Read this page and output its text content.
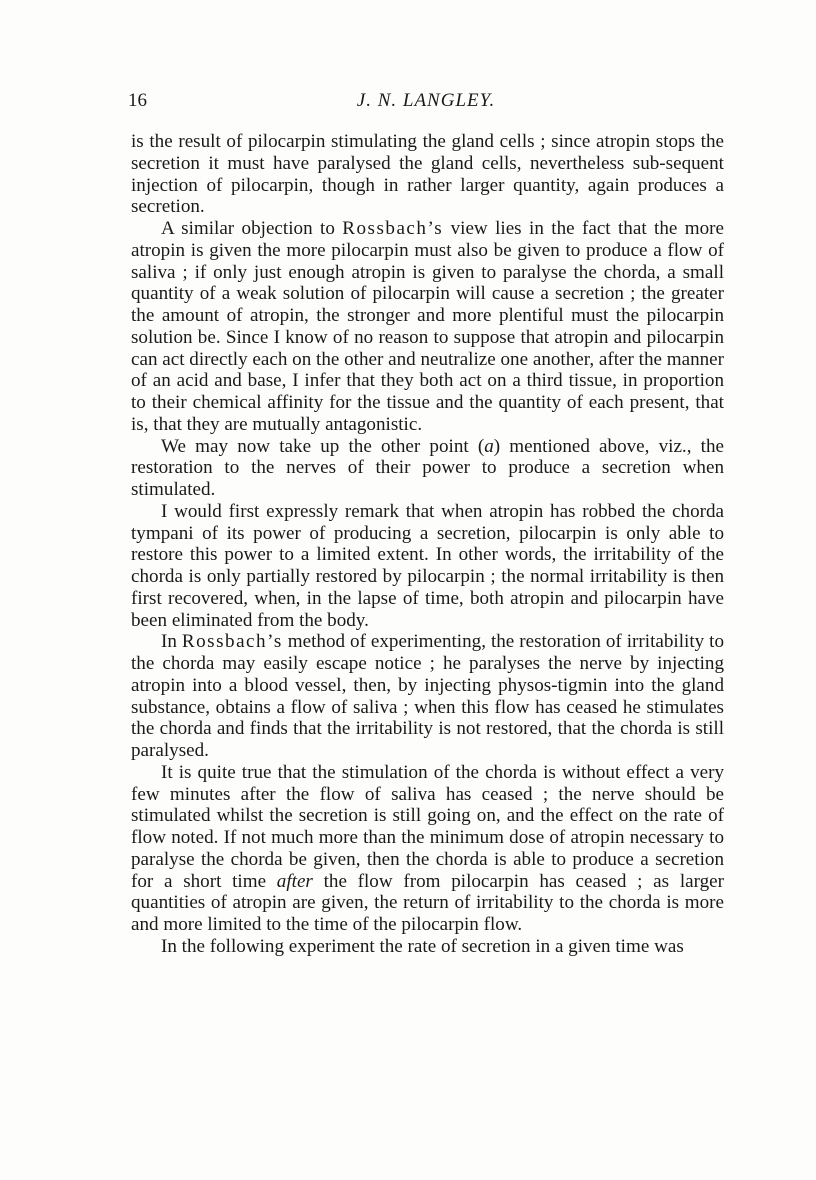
16	J. N. LANGLEY.

is the result of pilocarpin stimulating the gland cells ; since atropin stops the secretion it must have paralysed the gland cells, nevertheless sub-sequent injection of pilocarpin, though in rather larger quantity, again produces a secretion.

A similar objection to Rossbach’s view lies in the fact that the more atropin is given the more pilocarpin must also be given to produce a flow of saliva ; if only just enough atropin is given to paralyse the chorda, a small quantity of a weak solution of pilocarpin will cause a secretion ; the greater the amount of atropin, the stronger and more plentiful must the pilocarpin solution be. Since I know of no reason to suppose that atropin and pilocarpin can act directly each on the other and neutralize one another, after the manner of an acid and base, I infer that they both act on a third tissue, in proportion to their chemical affinity for the tissue and the quantity of each present, that is, that they are mutually antagonistic.

We may now take up the other point (a) mentioned above, viz., the restoration to the nerves of their power to produce a secretion when stimulated.

I would first expressly remark that when atropin has robbed the chorda tympani of its power of producing a secretion, pilocarpin is only able to restore this power to a limited extent. In other words, the irritability of the chorda is only partially restored by pilocarpin ; the normal irritability is then first recovered, when, in the lapse of time, both atropin and pilocarpin have been eliminated from the body.

In Rossbach’s method of experimenting, the restoration of irritability to the chorda may easily escape notice ; he paralyses the nerve by injecting atropin into a blood vessel, then, by injecting physos-tigmin into the gland substance, obtains a flow of saliva ; when this flow has ceased he stimulates the chorda and finds that the irritability is not restored, that the chorda is still paralysed.

It is quite true that the stimulation of the chorda is without effect a very few minutes after the flow of saliva has ceased ; the nerve should be stimulated whilst the secretion is still going on, and the effect on the rate of flow noted. If not much more than the minimum dose of atropin necessary to paralyse the chorda be given, then the chorda is able to produce a secretion for a short time after the flow from pilocarpin has ceased ; as larger quantities of atropin are given, the return of irritability to the chorda is more and more limited to the time of the pilocarpin flow.

In the following experiment the rate of secretion in a given time was
